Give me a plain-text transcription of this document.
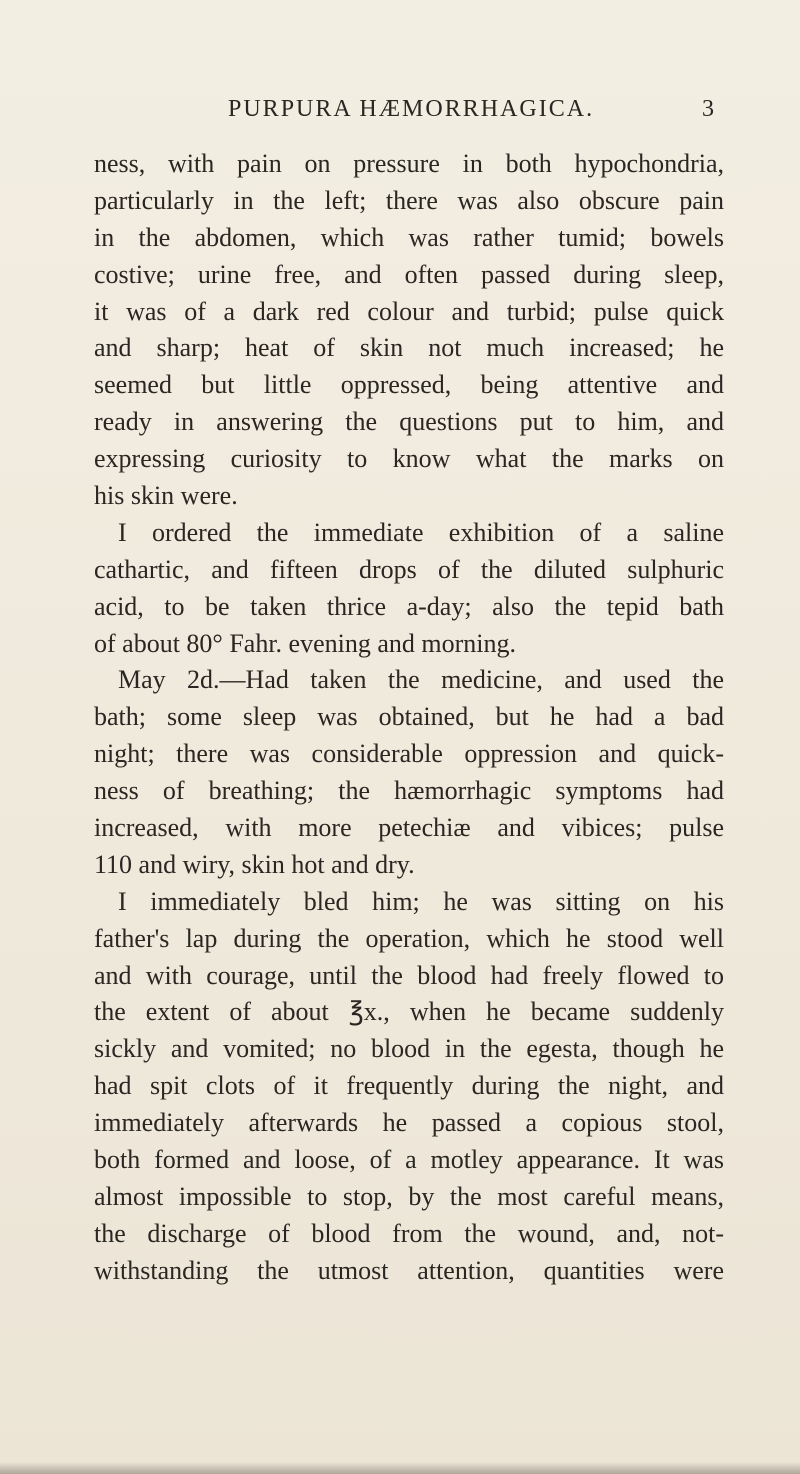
PURPURA HÆMORRHAGICA.	3
ness, with pain on pressure in both hypochondria,
particularly in the left; there was also obscure pain
in the abdomen, which was rather tumid; bowels
costive; urine free, and often passed during sleep,
it was of a dark red colour and turbid; pulse quick
and sharp; heat of skin not much increased; he
seemed but little oppressed, being attentive and
ready in answering the questions put to him, and
expressing curiosity to know what the marks on
his skin were.
I ordered the immediate exhibition of a saline
cathartic, and fifteen drops of the diluted sulphuric
acid, to be taken thrice a-day; also the tepid bath
of about 80° Fahr. evening and morning.
May 2d.—Had taken the medicine, and used the
bath; some sleep was obtained, but he had a bad
night; there was considerable oppression and quick-
ness of breathing; the hæmorrhagic symptoms had
increased, with more petechiæ and vibices; pulse
110 and wiry, skin hot and dry.
I immediately bled him; he was sitting on his
father's lap during the operation, which he stood well
and with courage, until the blood had freely flowed to
the extent of about ℥x., when he became suddenly
sickly and vomited; no blood in the egesta, though he
had spit clots of it frequently during the night, and
immediately afterwards he passed a copious stool,
both formed and loose, of a motley appearance. It was
almost impossible to stop, by the most careful means,
the discharge of blood from the wound, and, not-
withstanding the utmost attention, quantities were
